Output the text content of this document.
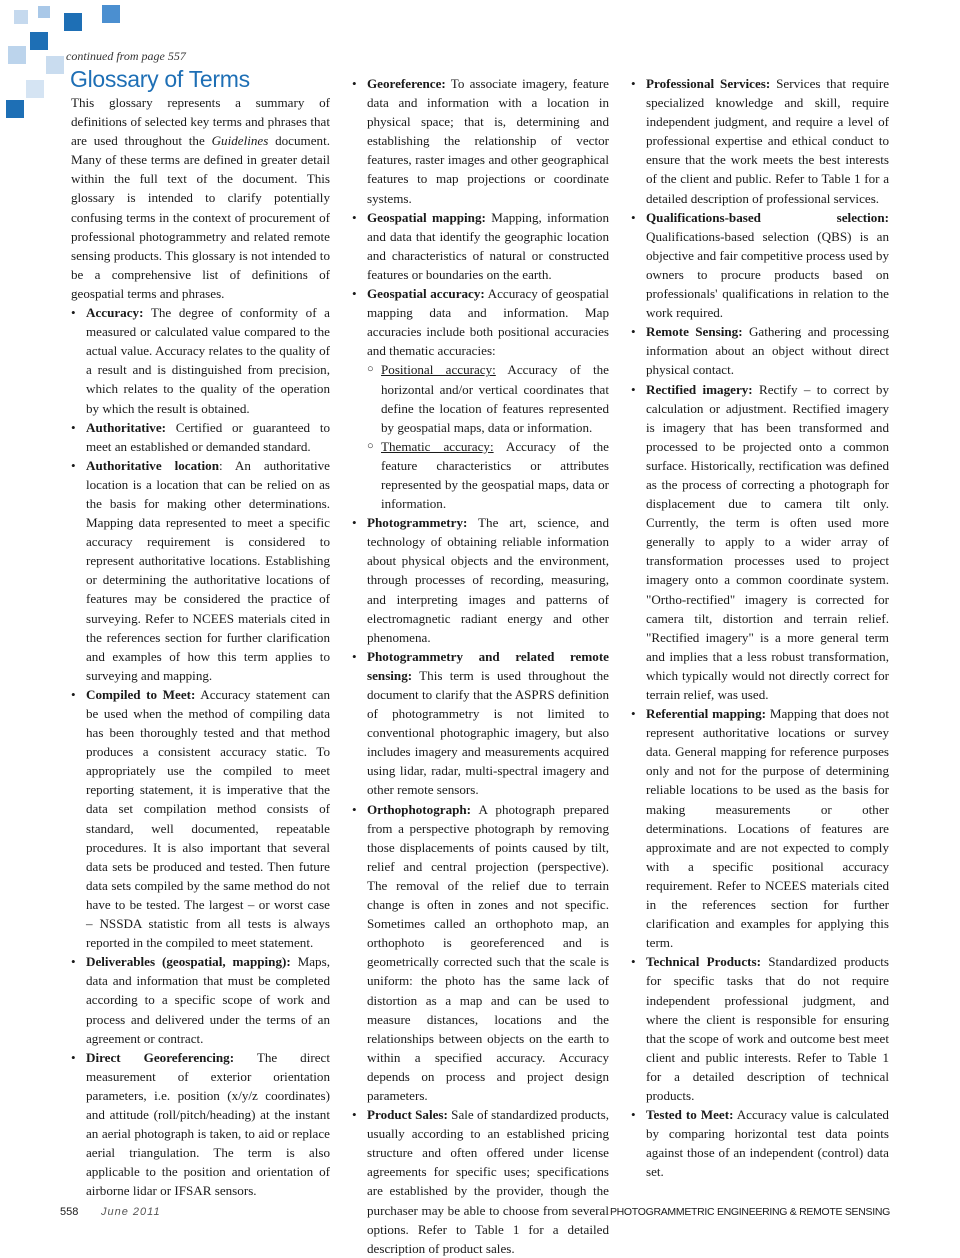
continued from page 557
Glossary of Terms

This glossary represents a summary of definitions of selected key terms and phrases that are used throughout the Guidelines document. Many of these terms are defined in greater detail within the full text of the document. This glossary is intended to clarify potentially confusing terms in the context of procurement of professional photogrammetry and related remote sensing products. This glossary is not intended to be a comprehensive list of definitions of geospatial terms and phrases.

• Accuracy: The degree of conformity of a measured or calculated value compared to the actual value. Accuracy relates to the quality of a result and is distinguished from precision, which relates to the quality of the operation by which the result is obtained.
• Authoritative: Certified or guaranteed to meet an established or demanded standard.
• Authoritative location: An authoritative location is a location that can be relied on as the basis for making other determinations. Mapping data represented to meet a specific accuracy requirement is considered to represent authoritative locations. Establishing or determining the authoritative locations of features may be considered the practice of surveying. Refer to NCEES materials cited in the references section for further clarification and examples of how this term applies to surveying and mapping.
• Compiled to Meet: Accuracy statement can be used when the method of compiling data has been thoroughly tested and that method produces a consistent accuracy static. To appropriately use the compiled to meet reporting statement, it is imperative that the data set compilation method consists of standard, well documented, repeatable procedures. It is also important that several data sets be produced and tested. Then future data sets compiled by the same method do not have to be tested. The largest – or worst case – NSSDA statistic from all tests is always reported in the compiled to meet statement.
• Deliverables (geospatial, mapping): Maps, data and information that must be completed according to a specific scope of work and process and delivered under the terms of an agreement or contract.
• Direct Georeferencing: The direct measurement of exterior orientation parameters, i.e. position (x/y/z coordinates) and attitude (roll/pitch/heading) at the instant an aerial photograph is taken, to aid or replace aerial triangulation. The term is also applicable to the position and orientation of airborne lidar or IFSAR sensors.
• Georeference: To associate imagery, feature data and information with a location in physical space; that is, determining and establishing the relationship of vector features, raster images and other geographical features to map projections or coordinate systems.
• Geospatial mapping: Mapping, information and data that identify the geographic location and characteristics of natural or constructed features or boundaries on the earth.
• Geospatial accuracy: Accuracy of geospatial mapping data and information. Map accuracies include both positional accuracies and thematic accuracies:
○ Positional accuracy: Accuracy of the horizontal and/or vertical coordinates that define the location of features represented by geospatial maps, data or information.
○ Thematic accuracy: Accuracy of the feature characteristics or attributes represented by the geospatial maps, data or information.
• Photogrammetry: The art, science, and technology of obtaining reliable information about physical objects and the environment, through processes of recording, measuring, and interpreting images and patterns of electromagnetic radiant energy and other phenomena.
• Photogrammetry and related remote sensing: This term is used throughout the document to clarify that the ASPRS definition of photogrammetry is not limited to conventional photographic imagery, but also includes imagery and measurements acquired using lidar, radar, multi-spectral imagery and other remote sensors.
• Orthophotograph: A photograph prepared from a perspective photograph by removing those displacements of points caused by tilt, relief and central projection (perspective). The removal of the relief due to terrain change is often in zones and not specific. Sometimes called an orthophoto map, an orthophoto is georeferenced and is geometrically corrected such that the scale is uniform: the photo has the same lack of distortion as a map and can be used to measure distances, locations and the relationships between objects on the earth to within a specified accuracy. Accuracy depends on process and project design parameters.
• Product Sales: Sale of standardized products, usually according to an established pricing structure and often offered under license agreements for specific uses; specifications are established by the provider, though the purchaser may be able to choose from several options. Refer to Table 1 for a detailed description of product sales.
• Professional Services: Services that require specialized knowledge and skill, require independent judgment, and require a level of professional expertise and ethical conduct to ensure that the work meets the best interests of the client and public. Refer to Table 1 for a detailed description of professional services.
• Qualifications-based selection: Qualifications-based selection (QBS) is an objective and fair competitive process used by owners to procure products based on professionals' qualifications in relation to the work required.
• Remote Sensing: Gathering and processing information about an object without direct physical contact.
• Rectified imagery: Rectify – to correct by calculation or adjustment. Rectified imagery is imagery that has been transformed and processed to be projected onto a common surface. Historically, rectification was defined as the process of correcting a photograph for displacement due to camera tilt only. Currently, the term is often used more generally to apply to a wider array of transformation processes used to project imagery onto a common coordinate system. "Ortho-rectified" imagery is corrected for camera tilt, distortion and terrain relief. "Rectified imagery" is a more general term and implies that a less robust transformation, which typically would not directly correct for terrain relief, was used.
• Referential mapping: Mapping that does not represent authoritative locations or survey data. General mapping for reference purposes only and not for the purpose of determining reliable locations to be used as the basis for making measurements or other determinations. Locations of features are approximate and are not expected to comply with a specific positional accuracy requirement. Refer to NCEES materials cited in the references section for further clarification and examples for applying this term.
• Technical Products: Standardized products for specific tasks that do not require independent professional judgment, and where the client is responsible for ensuring that the scope of work and outcome best meet client and public interests. Refer to Table 1 for a detailed description of technical products.
• Tested to Meet: Accuracy value is calculated by comparing horizontal test data points against those of an independent (control) data set.
558 June 2011	PHOTOGRAMMETRIC ENGINEERING & REMOTE SENSING
